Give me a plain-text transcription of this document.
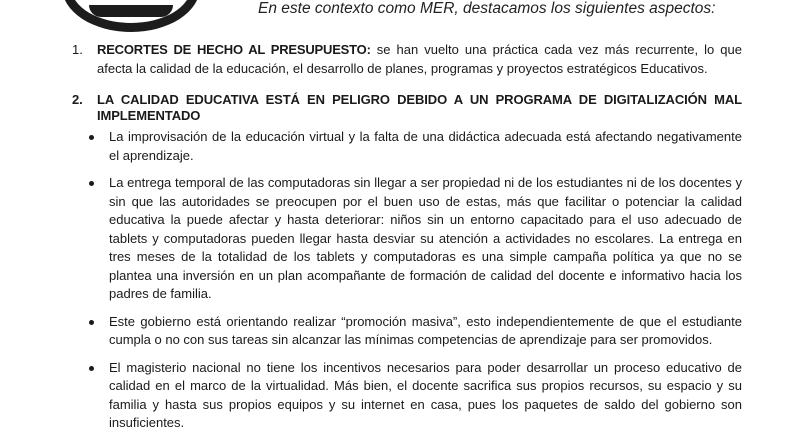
En este contexto como MER, destacamos los siguientes aspectos:
1. RECORTES DE HECHO AL PRESUPUESTO: se han vuelto una práctica cada vez más recurrente, lo que afecta la calidad de la educación, el desarrollo de planes, programas y proyectos estratégicos Educativos.
2. LA CALIDAD EDUCATIVA ESTÁ EN PELIGRO DEBIDO A UN PROGRAMA DE DIGITALIZACIÓN MAL IMPLEMENTADO
La improvisación de la educación virtual y la falta de una didáctica adecuada está afectando negativamente el aprendizaje.
La entrega temporal de las computadoras sin llegar a ser propiedad ni de los estudiantes ni de los docentes y sin que las autoridades se preocupen por el buen uso de estas, más que facilitar o potenciar la calidad educativa la puede afectar y hasta deteriorar: niños sin un entorno capacitado para el uso adecuado de tablets y computadoras pueden llegar hasta desviar su atención a actividades no escolares. La entrega en tres meses de la totalidad de los tablets y computadoras es una simple campaña política ya que no se plantea una inversión en un plan acompañante de formación de calidad del docente e informativo hacia los padres de familia.
Este gobierno está orientando realizar “promoción masiva”, esto independientemente de que el estudiante cumpla o no con sus tareas sin alcanzar las mínimas competencias de aprendizaje para ser promovidos.
El magisterio nacional no tiene los incentivos necesarios para poder desarrollar un proceso educativo de calidad en el marco de la virtualidad. Más bien, el docente sacrifica sus propios recursos, su espacio y su familia y hasta sus propios equipos y su internet en casa, pues los paquetes de saldo del gobierno son insuficientes.
